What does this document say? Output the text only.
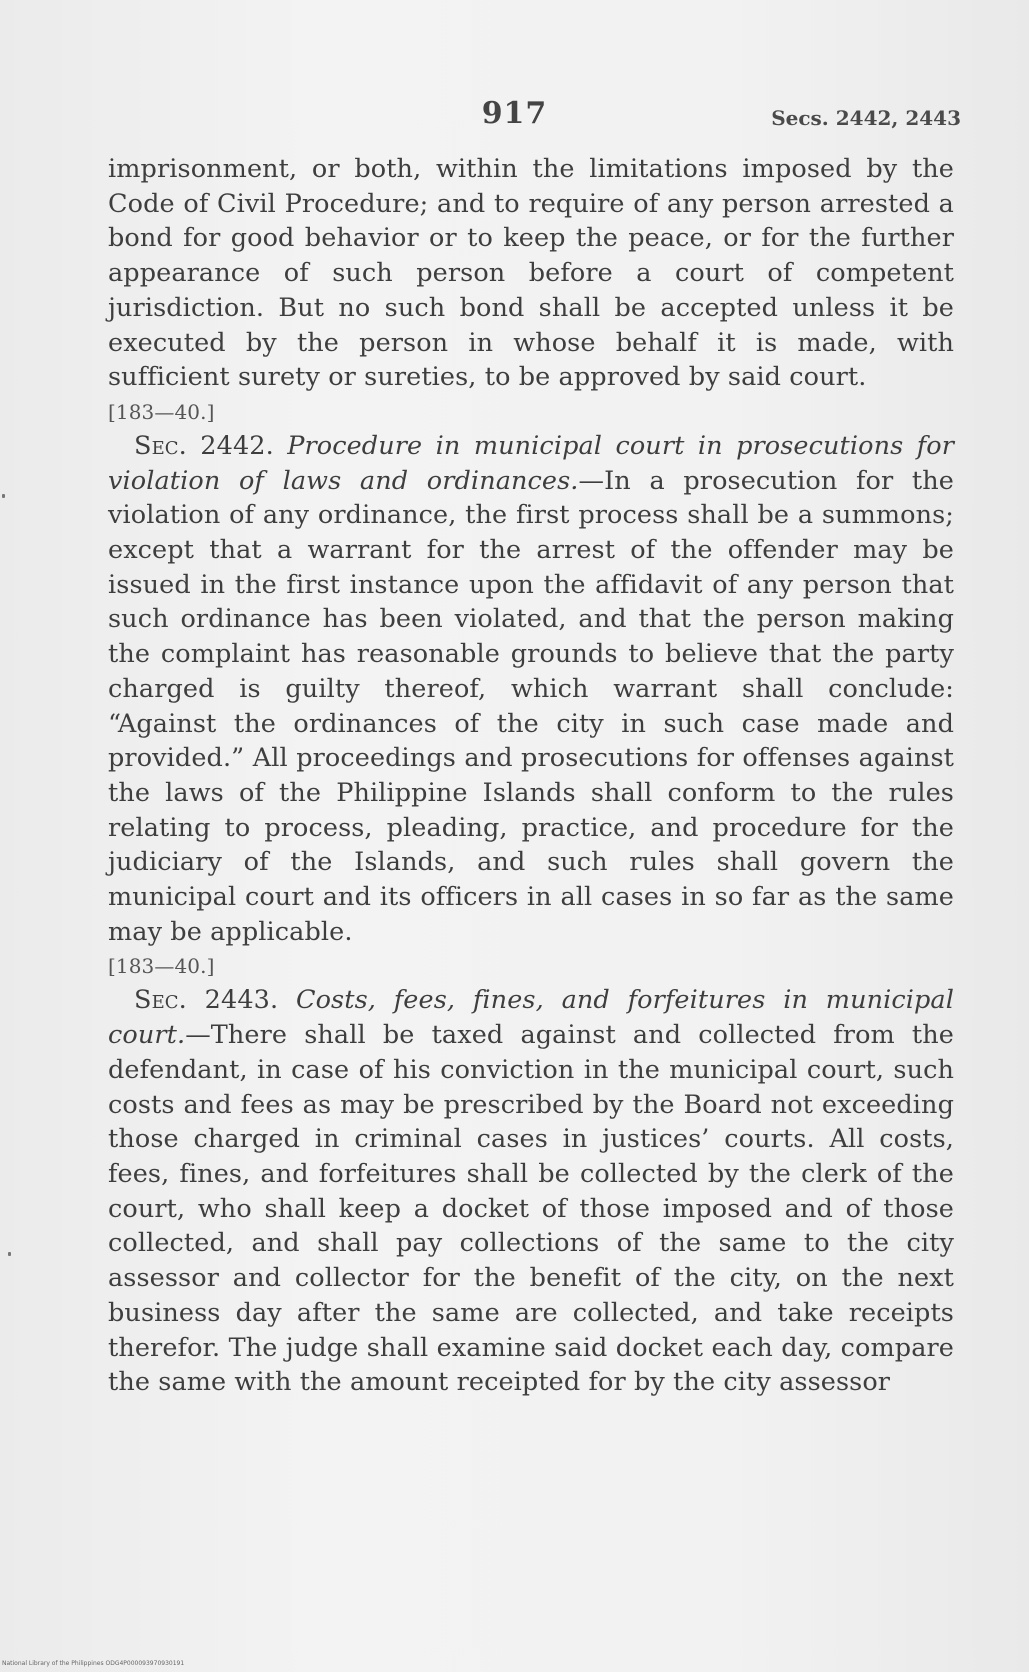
917	Secs. 2442, 2443

imprisonment, or both, within the limitations imposed by the Code of Civil Procedure; and to require of any person arrested a bond for good behavior or to keep the peace, or for the further appearance of such person before a court of competent jurisdiction. But no such bond shall be accepted unless it be executed by the person in whose behalf it is made, with sufficient surety or sureties, to be approved by said court.

[183—40.]

Sec. 2442. Procedure in municipal court in prosecutions for violation of laws and ordinances.—In a prosecution for the violation of any ordinance, the first process shall be a summons; except that a warrant for the arrest of the offender may be issued in the first instance upon the affidavit of any person that such ordinance has been violated, and that the person making the complaint has reasonable grounds to believe that the party charged is guilty thereof, which warrant shall conclude: “Against the ordinances of the city in such case made and provided.” All proceedings and prosecutions for offenses against the laws of the Philippine Islands shall conform to the rules relating to process, pleading, practice, and procedure for the judiciary of the Islands, and such rules shall govern the municipal court and its officers in all cases in so far as the same may be applicable.

[183—40.]

Sec. 2443. Costs, fees, fines, and forfeitures in municipal court.—There shall be taxed against and collected from the defendant, in case of his conviction in the municipal court, such costs and fees as may be prescribed by the Board not exceeding those charged in criminal cases in justices’ courts. All costs, fees, fines, and forfeitures shall be collected by the clerk of the court, who shall keep a docket of those imposed and of those collected, and shall pay collections of the same to the city assessor and collector for the benefit of the city, on the next business day after the same are collected, and take receipts therefor. The judge shall examine said docket each day, compare the same with the amount receipted for by the city assessor

National Library of the Philippines ODG4P000093970930191
